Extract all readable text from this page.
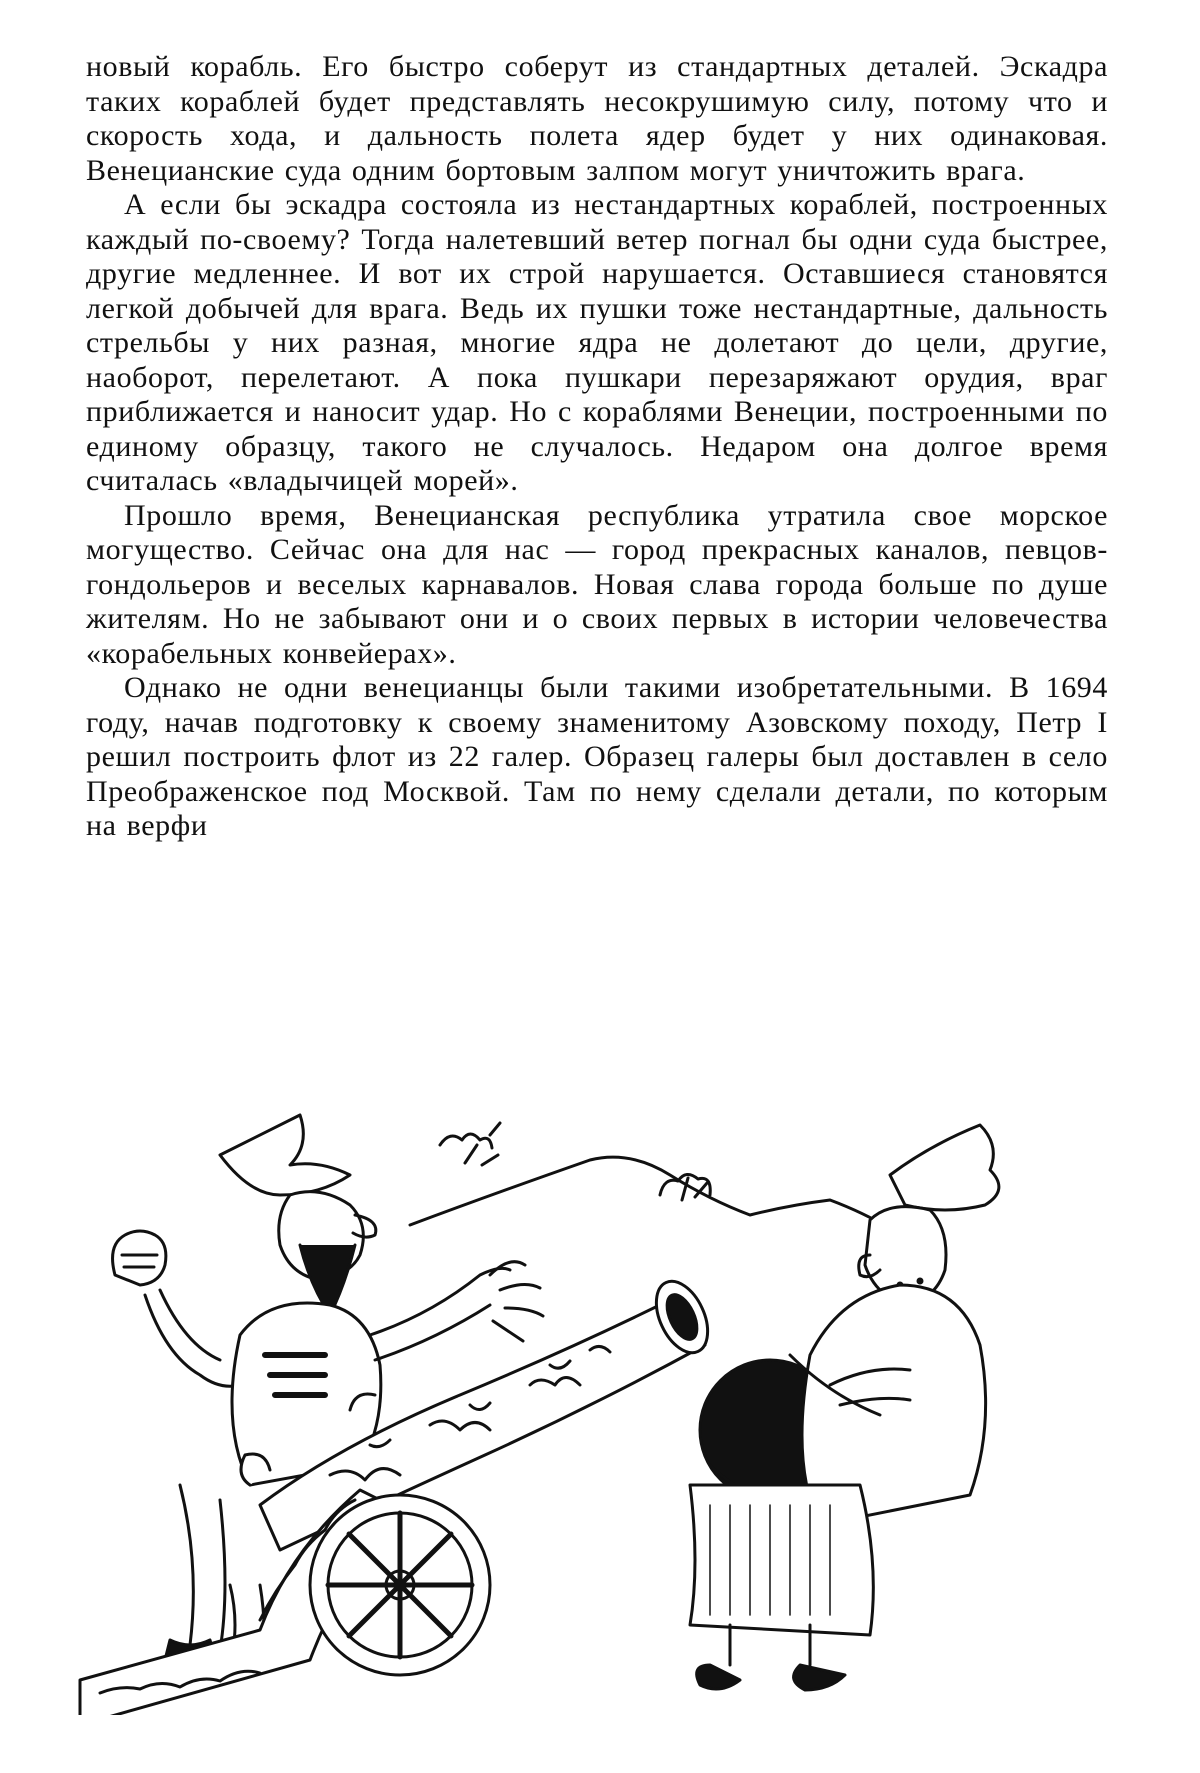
новый корабль. Его быстро соберут из стандартных деталей. Эскадра таких кораблей будет представлять несокрушимую силу, потому что и скорость хода, и дальность полета ядер будет у них одинаковая. Венецианские суда одним бортовым залпом могут уничтожить врага.

А если бы эскадра состояла из нестандартных кораблей, построенных каждый по-своему? Тогда налетевший ветер погнал бы одни суда быстрее, другие медленнее. И вот их строй нарушается. Оставшиеся становятся легкой добычей для врага. Ведь их пушки тоже нестандартные, дальность стрельбы у них разная, многие ядра не долетают до цели, другие, наоборот, перелетают. А пока пушкари перезаряжают орудия, враг приближается и наносит удар. Но с кораблями Венеции, построенными по единому образцу, такого не случалось. Недаром она долгое время считалась «владычицей морей».

Прошло время, Венецианская республика утратила свое морское могущество. Сейчас она для нас — город прекрасных каналов, певцов-гондольеров и веселых карнавалов. Новая слава города больше по душе жителям. Но не забывают они и о своих первых в истории человечества «корабельных конвейерах».

Однако не одни венецианцы были такими изобретательными. В 1694 году, начав подготовку к своему знаменитому Азовскому походу, Петр I решил построить флот из 22 галер. Образец галеры был доставлен в село Преображенское под Москвой. Там по нему сделали детали, по которым на верфи
